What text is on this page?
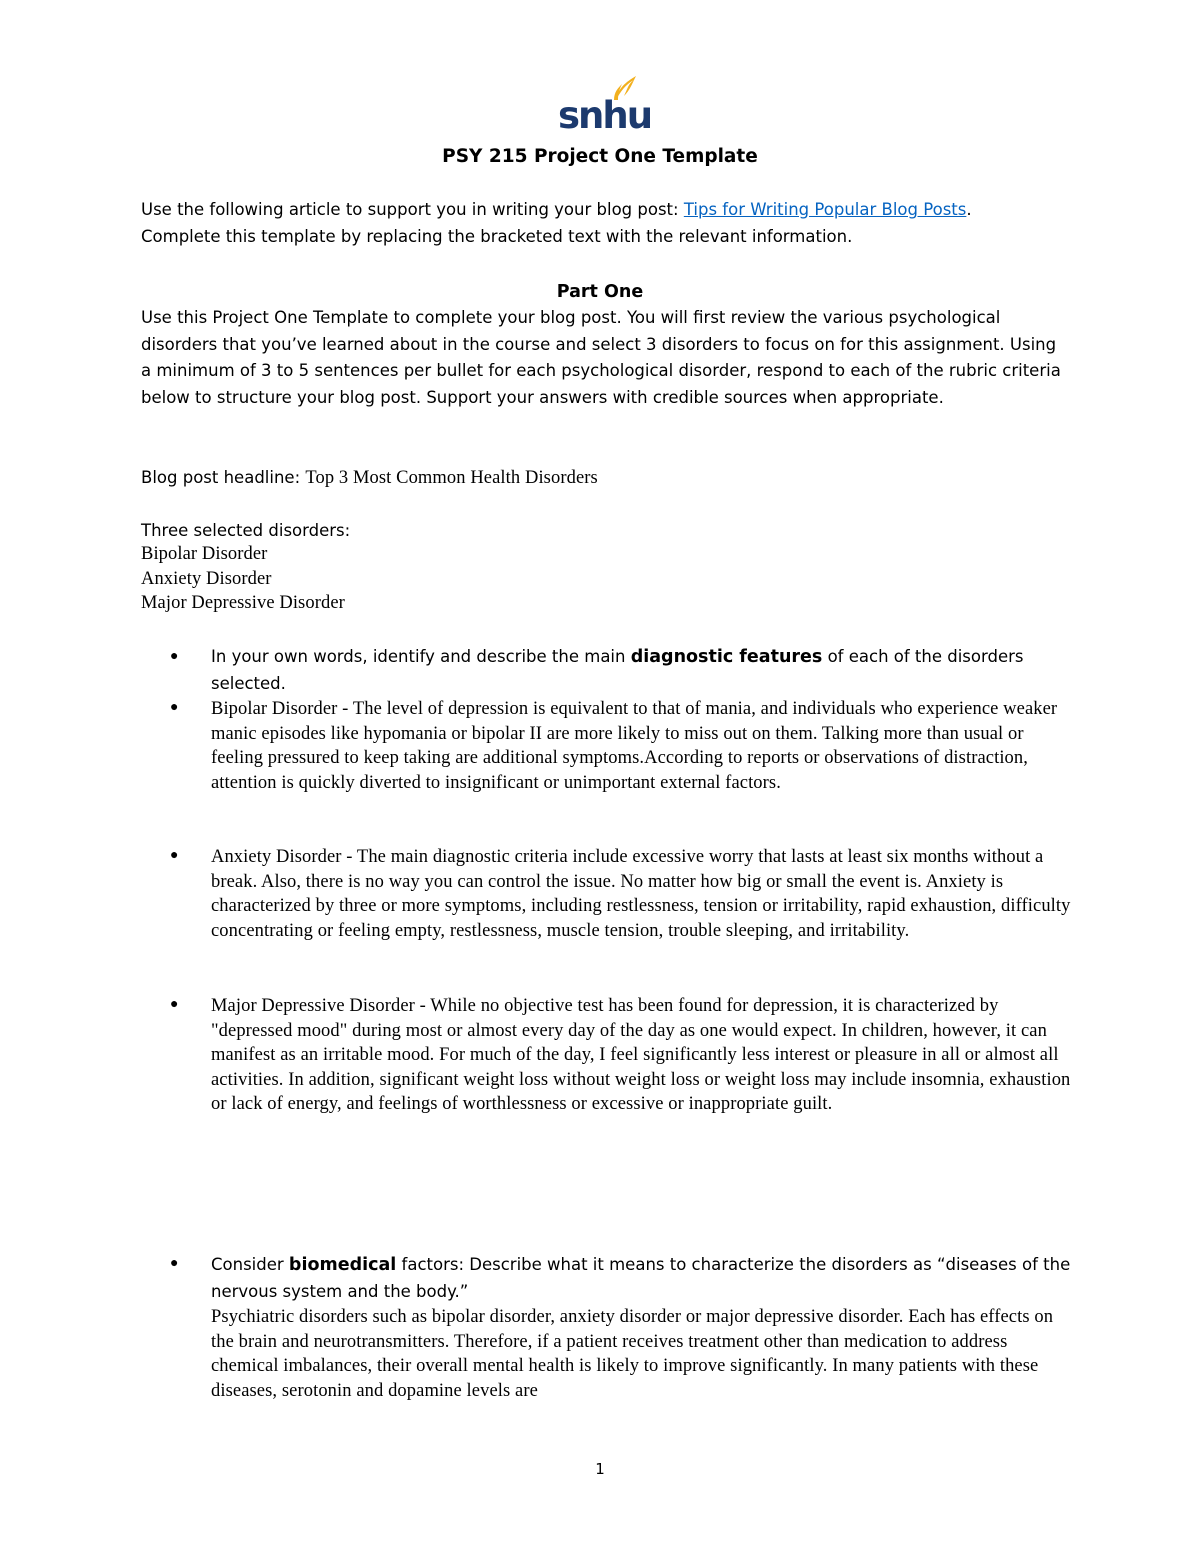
snhu
PSY 215 Project One Template
Use the following article to support you in writing your blog post: Tips for Writing Popular Blog Posts.
Complete this template by replacing the bracketed text with the relevant information.
Part One
Use this Project One Template to complete your blog post. You will first review the various psychological disorders that you’ve learned about in the course and select 3 disorders to focus on for this assignment. Using a minimum of 3 to 5 sentences per bullet for each psychological disorder, respond to each of the rubric criteria below to structure your blog post. Support your answers with credible sources when appropriate.
Blog post headline: Top 3 Most Common Health Disorders
Three selected disorders:
Bipolar Disorder
Anxiety Disorder
Major Depressive Disorder
● In your own words, identify and describe the main diagnostic features of each of the disorders selected.
● Bipolar Disorder - The level of depression is equivalent to that of mania, and individuals who experience weaker manic episodes like hypomania or bipolar II are more likely to miss out on them. Talking more than usual or feeling pressured to keep taking are additional symptoms.According to reports or observations of distraction, attention is quickly diverted to insignificant or unimportant external factors.
● Anxiety Disorder - The main diagnostic criteria include excessive worry that lasts at least six months without a break. Also, there is no way you can control the issue. No matter how big or small the event is. Anxiety is characterized by three or more symptoms, including restlessness, tension or irritability, rapid exhaustion, difficulty concentrating or feeling empty, restlessness, muscle tension, trouble sleeping, and irritability.
● Major Depressive Disorder - While no objective test has been found for depression, it is characterized by "depressed mood" during most or almost every day of the day as one would expect. In children, however, it can manifest as an irritable mood. For much of the day, I feel significantly less interest or pleasure in all or almost all activities. In addition, significant weight loss without weight loss or weight loss may include insomnia, exhaustion or lack of energy, and feelings of worthlessness or excessive or inappropriate guilt.
● Consider biomedical factors: Describe what it means to characterize the disorders as “diseases of the nervous system and the body.”
Psychiatric disorders such as bipolar disorder, anxiety disorder or major depressive disorder. Each has effects on the brain and neurotransmitters. Therefore, if a patient receives treatment other than medication to address chemical imbalances, their overall mental health is likely to improve significantly. In many patients with these diseases, serotonin and dopamine levels are
1
